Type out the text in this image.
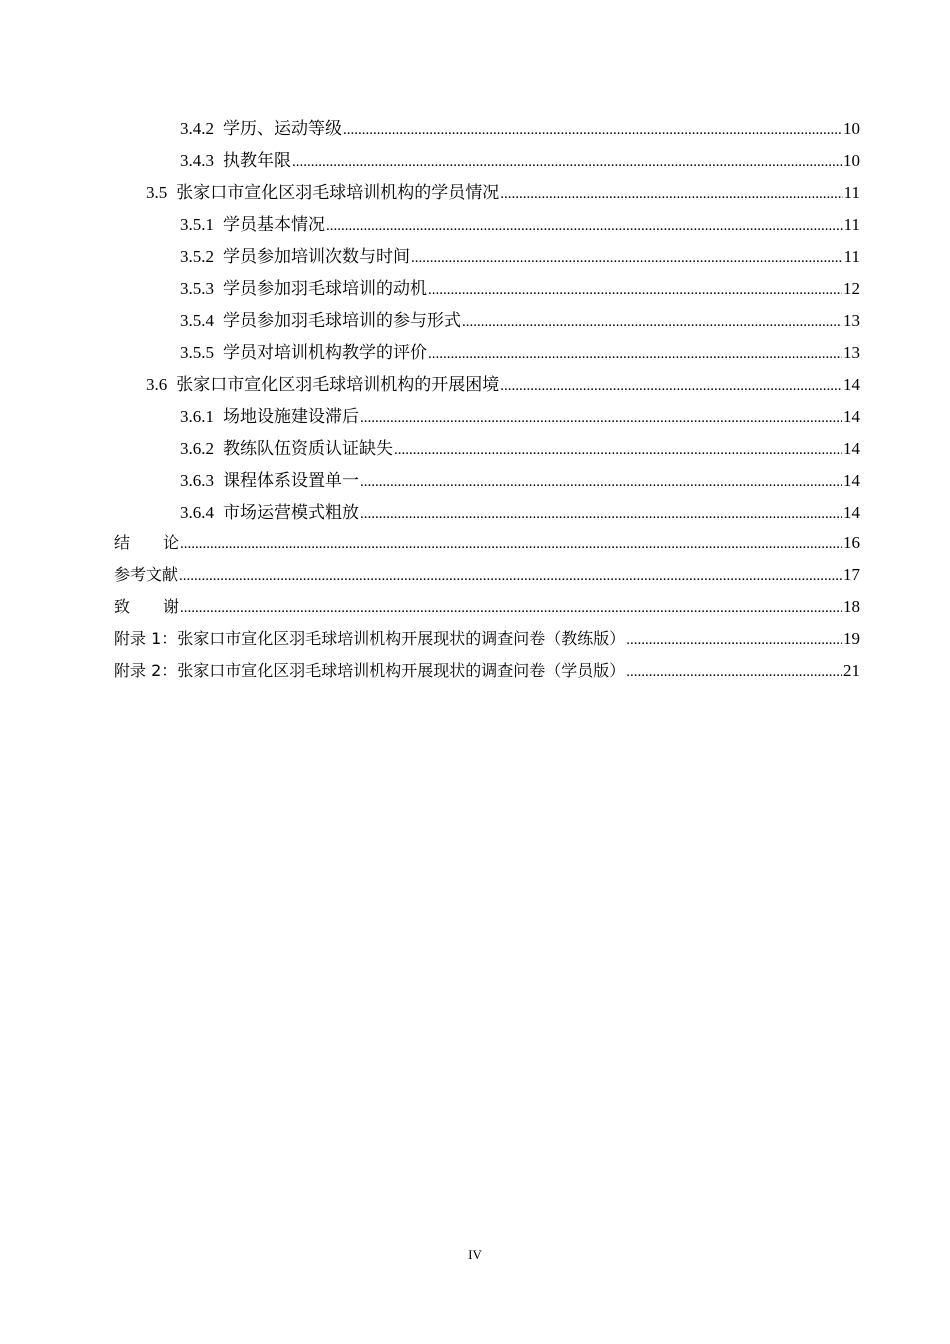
3.4.2 学历、运动等级 .....	10
3.4.3 执教年限 .....	10
3.5 张家口市宣化区羽毛球培训机构的学员情况 .....	11
3.5.1 学员基本情况 .....	11
3.5.2 学员参加培训次数与时间 .....	11
3.5.3 学员参加羽毛球培训的动机 .....	12
3.5.4 学员参加羽毛球培训的参与形式 .....	13
3.5.5 学员对培训机构教学的评价 .....	13
3.6 张家口市宣化区羽毛球培训机构的开展困境 .....	14
3.6.1 场地设施建设滞后 .....	14
3.6.2 教练队伍资质认证缺失 .....	14
3.6.3 课程体系设置单一 .....	14
3.6.4 市场运营模式粗放 .....	14
结论 .....	16
参考文献 .....	17
致谢 .....	18
附录 1：张家口市宣化区羽毛球培训机构开展现状的调查问卷（教练版） .....	19
附录 2：张家口市宣化区羽毛球培训机构开展现状的调查问卷（学员版） .....	21
IV
